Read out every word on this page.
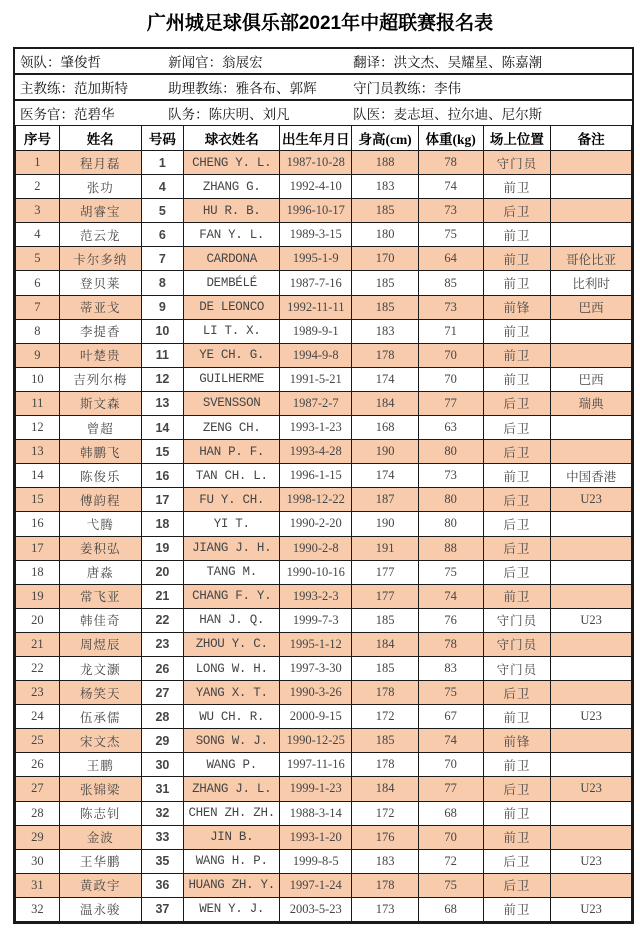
广州城足球俱乐部2021年中超联赛报名表
领队：肇俊哲	新闻官：翁展宏	翻译：洪文杰、吴耀星、陈嘉潮
主教练：范加斯特	助理教练：雅各布、郭辉	守门员教练：李伟
医务官：范碧华	队务：陈庆明、刘凡	队医：麦志垣、拉尔迪、尼尔斯
序号	姓名	号码	球衣姓名	出生年月日	身高(cm)	体重(kg)	场上位置	备注
1	程月磊	1	CHENG Y. L.	1987-10-28	188	78	守门员	
2	张功	4	ZHANG G.	1992-4-10	183	74	前卫	
3	胡睿宝	5	HU R. B.	1996-10-17	185	73	后卫	
4	范云龙	6	FAN Y. L.	1989-3-15	180	75	前卫	
5	卡尔多纳	7	CARDONA	1995-1-9	170	64	前卫	哥伦比亚
6	登贝莱	8	DEMBÉLÉ	1987-7-16	185	85	前卫	比利时
7	蒂亚戈	9	DE LEONCO	1992-11-11	185	73	前锋	巴西
8	李提香	10	LI T. X.	1989-9-1	183	71	前卫	
9	叶楚贵	11	YE CH. G.	1994-9-8	178	70	前卫	
10	吉列尔梅	12	GUILHERME	1991-5-21	174	70	前卫	巴西
11	斯文森	13	SVENSSON	1987-2-7	184	77	后卫	瑞典
12	曾超	14	ZENG CH.	1993-1-23	168	63	后卫	
13	韩鹏飞	15	HAN P. F.	1993-4-28	190	80	后卫	
14	陈俊乐	16	TAN CH. L.	1996-1-15	174	73	前卫	中国香港
15	傅韵程	17	FU Y. CH.	1998-12-22	187	80	后卫	U23
16	弋腾	18	YI T.	1990-2-20	190	80	后卫	
17	姜积弘	19	JIANG J. H.	1990-2-8	191	88	后卫	
18	唐淼	20	TANG M.	1990-10-16	177	75	后卫	
19	常飞亚	21	CHANG F. Y.	1993-2-3	177	74	前卫	
20	韩佳奇	22	HAN J. Q.	1999-7-3	185	76	守门员	U23
21	周煜辰	23	ZHOU Y. C.	1995-1-12	184	78	守门员	
22	龙文灏	26	LONG W. H.	1997-3-30	185	83	守门员	
23	杨笑天	27	YANG X. T.	1990-3-26	178	75	后卫	
24	伍承儒	28	WU CH. R.	2000-9-15	172	67	前卫	U23
25	宋文杰	29	SONG W. J.	1990-12-25	185	74	前锋	
26	王鹏	30	WANG P.	1997-11-16	178	70	前卫	
27	张锦梁	31	ZHANG J. L.	1999-1-23	184	77	后卫	U23
28	陈志钊	32	CHEN ZH. ZH.	1988-3-14	172	68	前卫	
29	金波	33	JIN B.	1993-1-20	176	70	前卫	
30	王华鹏	35	WANG H. P.	1999-8-5	183	72	后卫	U23
31	黄政宇	36	HUANG ZH. Y.	1997-1-24	178	75	后卫	
32	温永骏	37	WEN Y. J.	2003-5-23	173	68	前卫	U23
